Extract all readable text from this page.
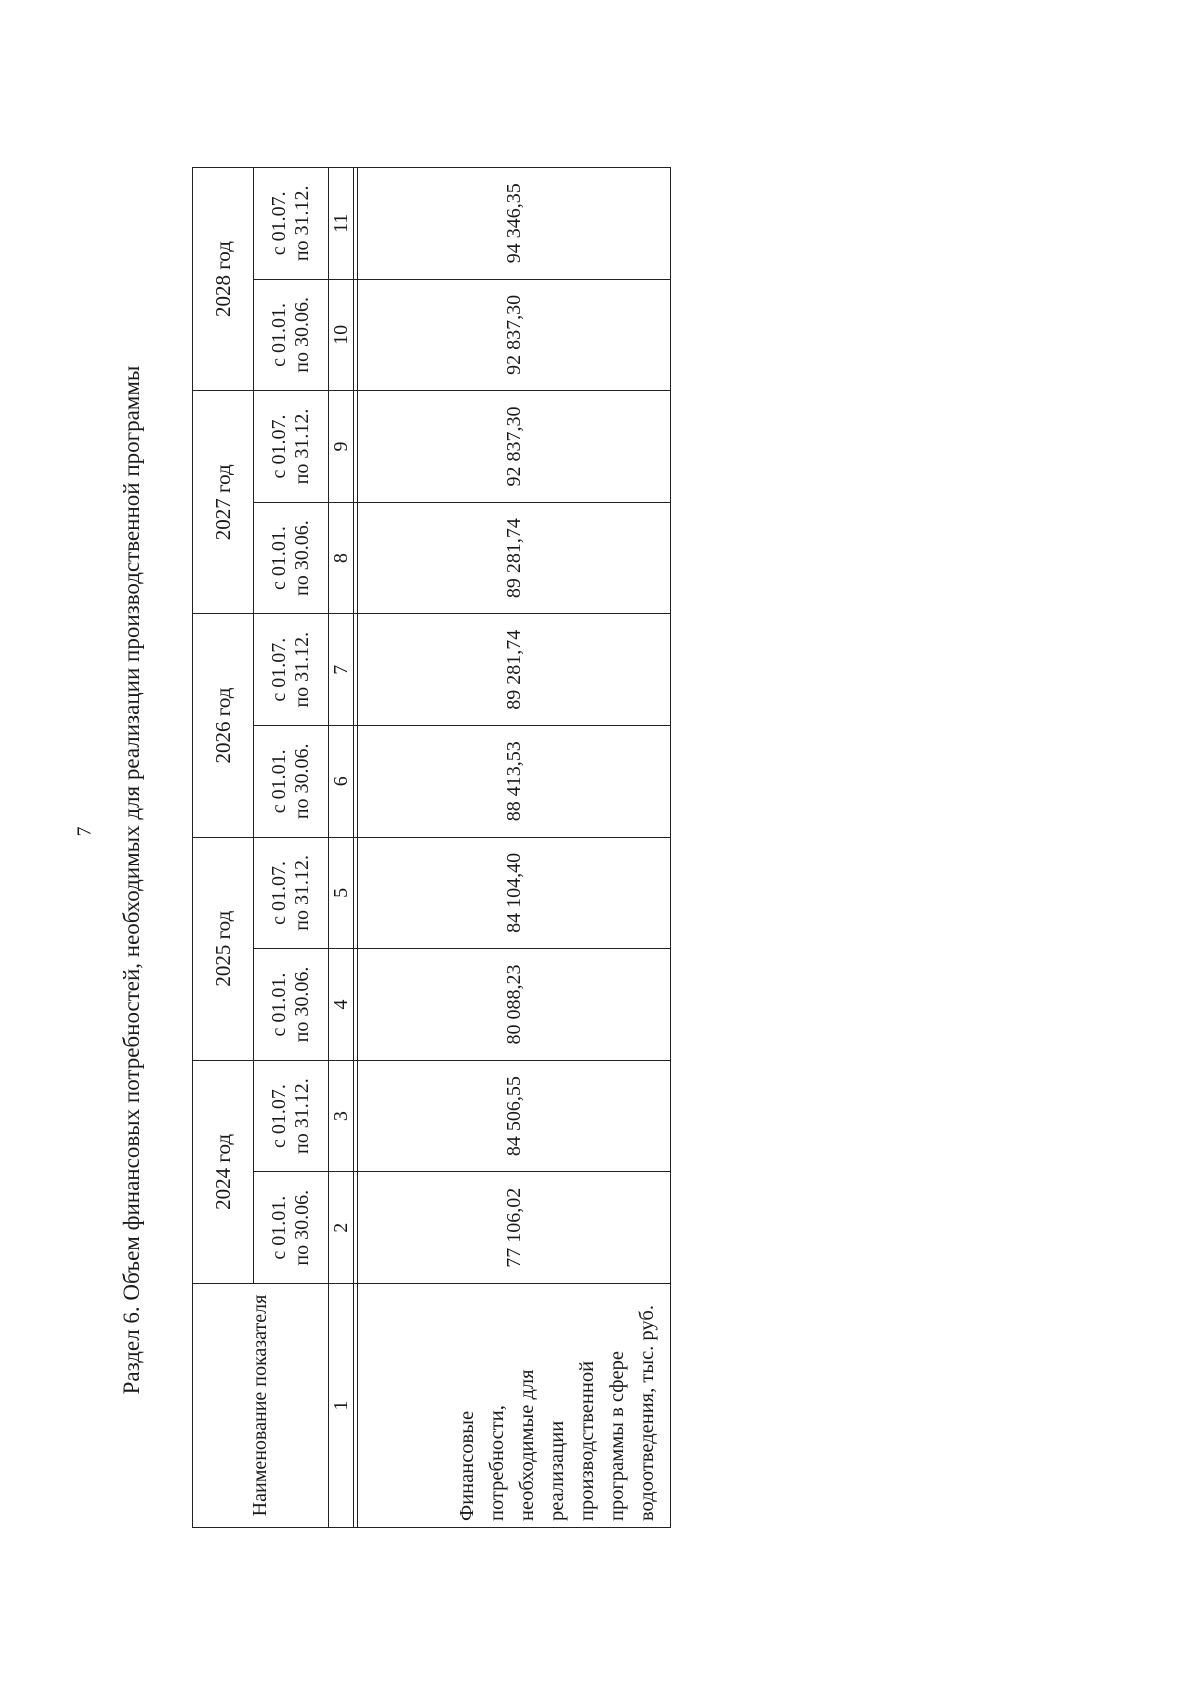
7	Раздел 6. Объем финансовых потребностей, необходимых для реализации производственной программы
Наименование показателя	2024 год		2025 год		2026 год		2027 год		2028 год	

	с 01.01. по 30.06.	с 01.07. по 31.12.	с 01.01. по 30.06.	с 01.07. по 31.12.	с 01.01. по 30.06.	с 01.07. по 31.12.	с 01.01. по 30.06.	с 01.07. по 31.12.	с 01.01. по 30.06.	с 01.07. по 31.12.

1	2	3	4	5	6	7	8	9	10	11

Финансовые потребности, необходимые для реализации производственной программы в сфере водоотведения, тыс. руб.	77 106,02	84 506,55	80 088,23	84 104,40	88 413,53	89 281,74	89 281,74	92 837,30	92 837,30	94 346,35
